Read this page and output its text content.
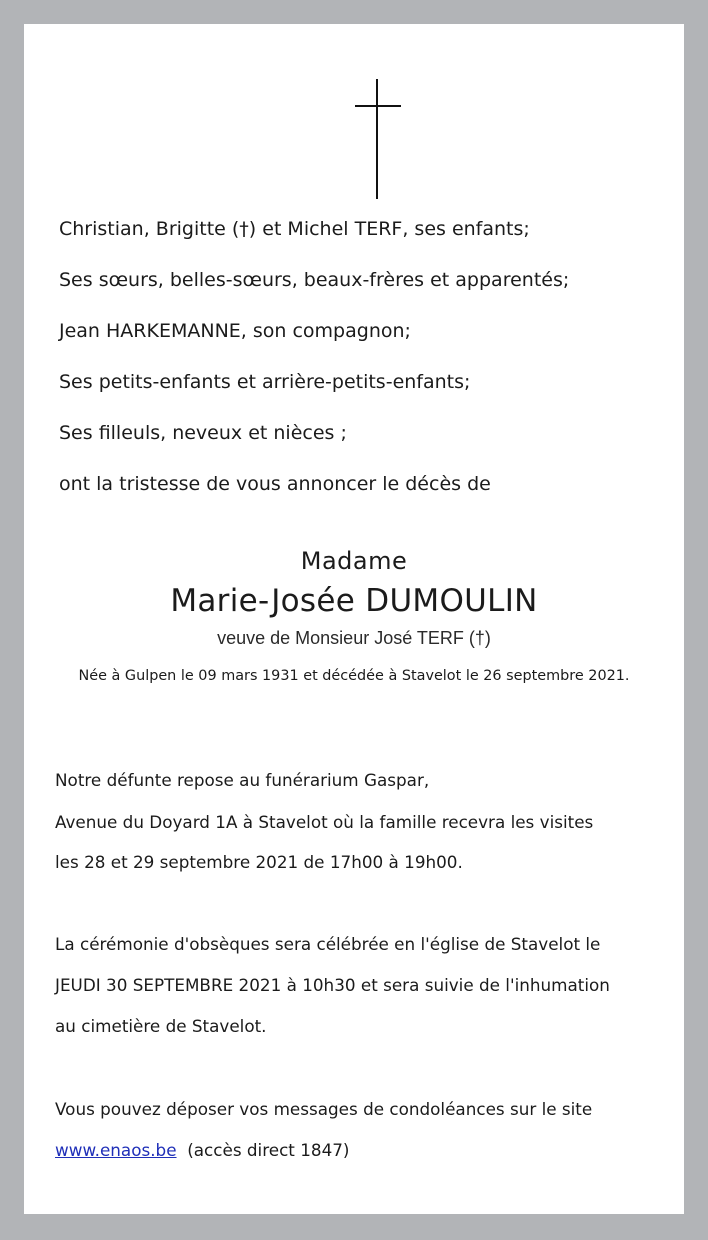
Christian, Brigitte (†) et Michel TERF, ses enfants;

Ses sœurs, belles-sœurs, beaux-frères et apparentés;

Jean HARKEMANNE, son compagnon;

Ses petits-enfants et arrière-petits-enfants;

Ses filleuls, neveux et nièces ;

ont la tristesse de vous annoncer le décès de

Madame

Marie-Josée DUMOULIN

veuve de Monsieur José TERF (†)

Née à Gulpen le 09 mars 1931 et décédée à Stavelot le 26 septembre 2021.

Notre défunte repose au funérarium Gaspar,

Avenue du Doyard 1A à Stavelot où la famille recevra les visites

les 28 et 29 septembre 2021 de 17h00 à 19h00.

La cérémonie d'obsèques sera célébrée en l'église de Stavelot le

JEUDI 30 SEPTEMBRE 2021 à 10h30 et sera suivie de l'inhumation

au cimetière de Stavelot.

Vous pouvez déposer vos messages de condoléances sur le site

www.enaos.be (accès direct 1847)
